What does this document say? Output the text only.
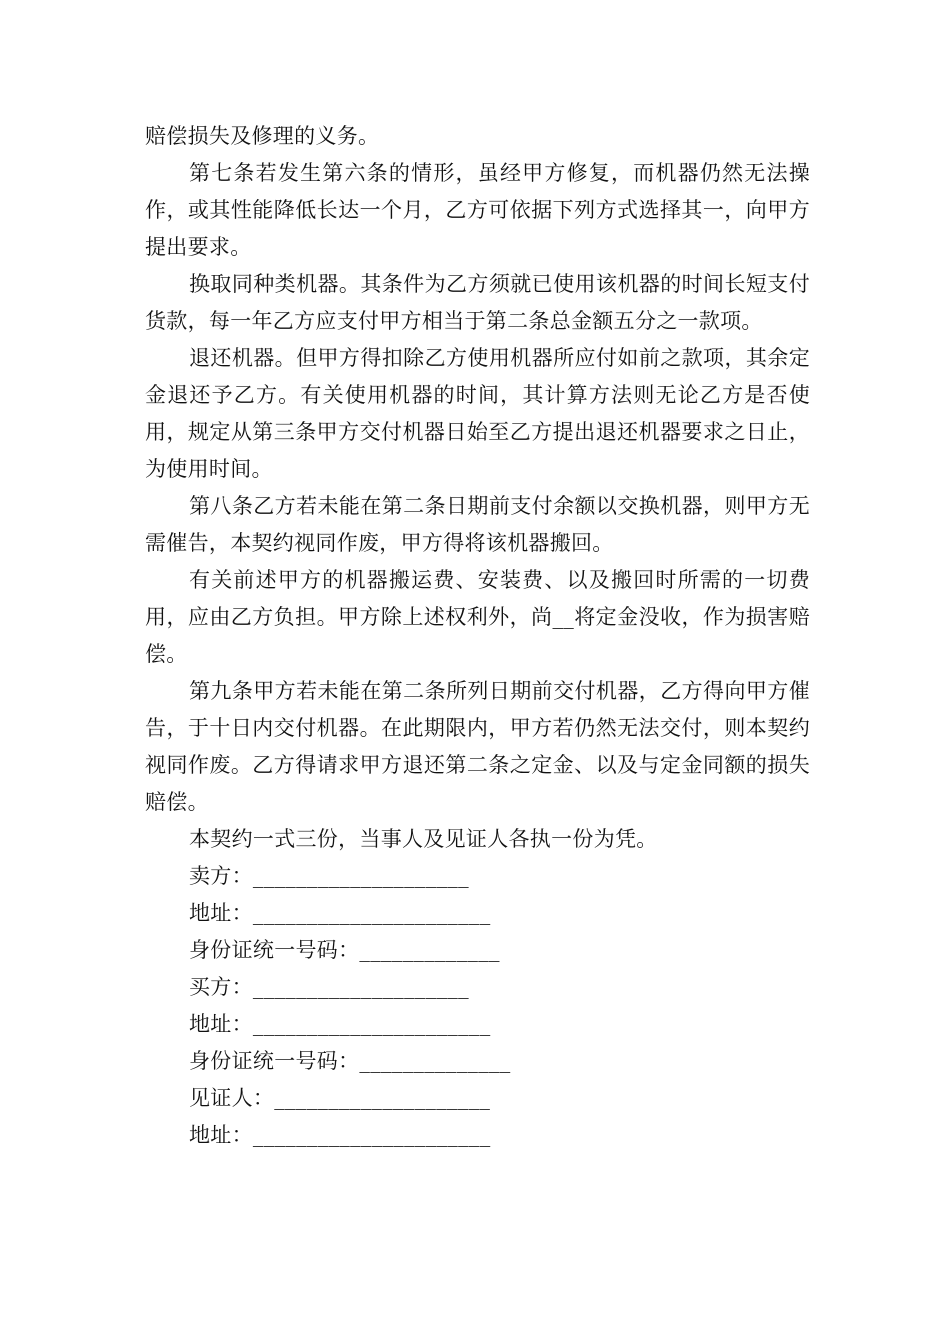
赔偿损失及修理的义务。

第七条若发生第六条的情形，虽经甲方修复，而机器仍然无法操作，或其性能降低长达一个月，乙方可依据下列方式选择其一，向甲方提出要求。

换取同种类机器。其条件为乙方须就已使用该机器的时间长短支付货款，每一年乙方应支付甲方相当于第二条总金额五分之一款项。

退还机器。但甲方得扣除乙方使用机器所应付如前之款项，其余定金退还予乙方。有关使用机器的时间，其计算方法则无论乙方是否使用，规定从第三条甲方交付机器日始至乙方提出退还机器要求之日止，为使用时间。

第八条乙方若未能在第二条日期前支付余额以交换机器，则甲方无需催告，本契约视同作废，甲方得将该机器搬回。

有关前述甲方的机器搬运费、安装费、以及搬回时所需的一切费用，应由乙方负担。甲方除上述权利外，尚__将定金没收，作为损害赔偿。

第九条甲方若未能在第二条所列日期前交付机器，乙方得向甲方催告，于十日内交付机器。在此期限内，甲方若仍然无法交付，则本契约视同作废。乙方得请求甲方退还第二条之定金、以及与定金同额的损失赔偿。

本契约一式三份，当事人及见证人各执一份为凭。

卖方：____________________
地址：______________________
身份证统一号码：_____________
买方：____________________
地址：______________________
身份证统一号码：______________
见证人：____________________
地址：______________________
